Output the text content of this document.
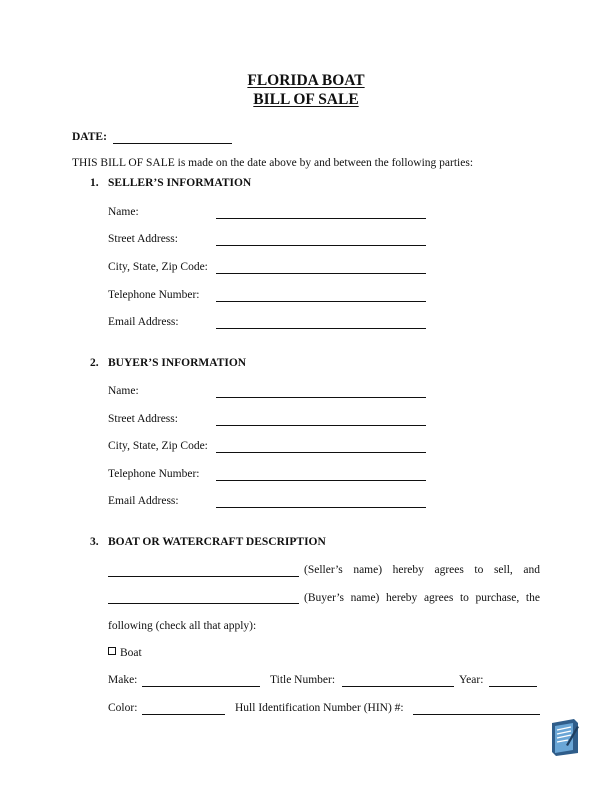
FLORIDA BOAT
BILL OF SALE
DATE:
THIS BILL OF SALE is made on the date above by and between the following parties:
1. SELLER’S INFORMATION
Name:
Street Address:
City, State, Zip Code:
Telephone Number:
Email Address:
2. BUYER’S INFORMATION
Name:
Street Address:
City, State, Zip Code:
Telephone Number:
Email Address:
3. BOAT OR WATERCRAFT DESCRIPTION
(Seller’s name) hereby agrees to sell, and
(Buyer’s name) hereby agrees to purchase, the
following (check all that apply):
Boat
Make:	Title Number:	Year:
Color:	Hull Identification Number (HIN) #:
